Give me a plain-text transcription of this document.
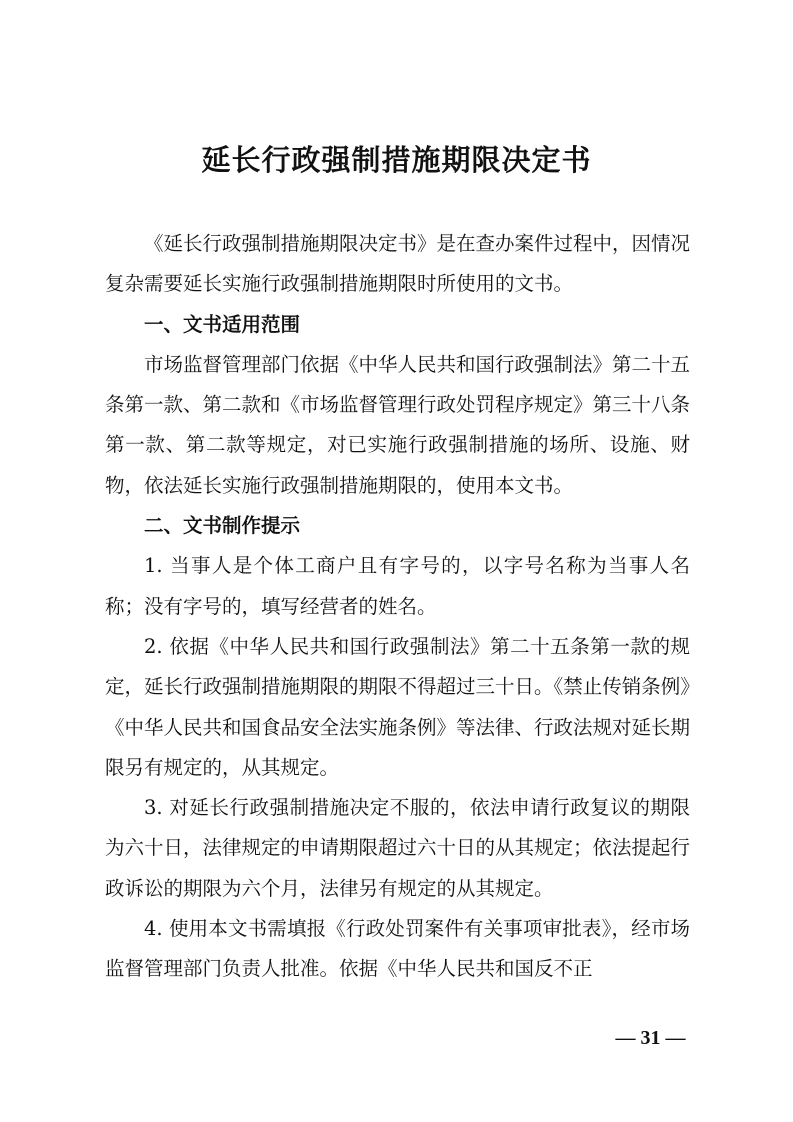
延长行政强制措施期限决定书

《延长行政强制措施期限决定书》是在查办案件过程中，因情况复杂需要延长实施行政强制措施期限时所使用的文书。

一、文书适用范围

市场监督管理部门依据《中华人民共和国行政强制法》第二十五条第一款、第二款和《市场监督管理行政处罚程序规定》第三十八条第一款、第二款等规定，对已实施行政强制措施的场所、设施、财物，依法延长实施行政强制措施期限的，使用本文书。

二、文书制作提示

1. 当事人是个体工商户且有字号的，以字号名称为当事人名称；没有字号的，填写经营者的姓名。

2. 依据《中华人民共和国行政强制法》第二十五条第一款的规定，延长行政强制措施期限的期限不得超过三十日。《禁止传销条例》《中华人民共和国食品安全法实施条例》等法律、行政法规对延长期限另有规定的，从其规定。

3. 对延长行政强制措施决定不服的，依法申请行政复议的期限为六十日，法律规定的申请期限超过六十日的从其规定；依法提起行政诉讼的期限为六个月，法律另有规定的从其规定。

4. 使用本文书需填报《行政处罚案件有关事项审批表》，经市场监督管理部门负责人批准。依据《中华人民共和国反不正

— 31 —
